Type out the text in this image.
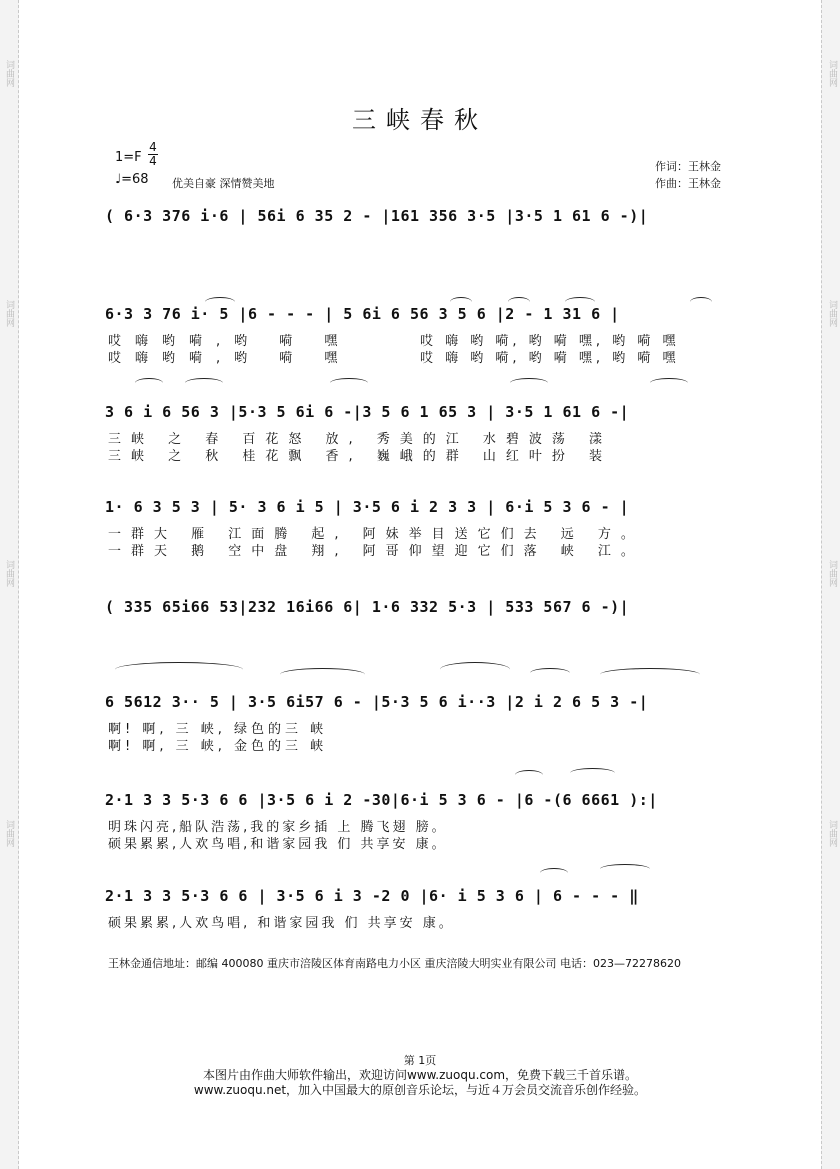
词曲网
词曲网
词曲网
词曲网
词曲网
词曲网
词曲网
词曲网
三峡春秋
1=F
4
4
♩=68 优美自豪 深情赞美地
作词：王林金
作曲：王林金
( 6·3 376 i·6 | 56i 6 35 2 - |161 356 3·5 |3·5 1 61 6 -)|
6·3 3 76 i· 5 |6 - - - | 5 6i 6 56 3 5 6 |2 - 1 31 6 |
哎嗨哟嗬,哟 嗬 嘿
哎嗨哟嗬,哟 嗬 嘿
哎 嗨 哟 嗬, 哟 嗬 嘿, 哟 嗬 嘿
哎 嗨 哟 嗬, 哟 嗬 嘿, 哟 嗬 嘿
3 6 i 6 56 3 |5·3 5 6i 6 -|3 5 6 1 65 3 | 3·5 1 61 6 -|
三峡 之 春 百花怒 放, 秀美的江 水碧波荡 漾
三峡 之 秋 桂花飘 香, 巍峨的群 山红叶扮 装
1· 6 3 5 3 | 5· 3 6 i 5 | 3·5 6 i 2 3 3 | 6·i 5 3 6 - |
一群大 雁 江面腾 起, 阿妹举目送它们去 远 方。
一群天 鹅 空中盘 翔, 阿哥仰望迎它们落 峡 江。
( 335 65i66 53|232 16i66 6| 1·6 332 5·3 | 533 567 6 -)|
6 5612 3·· 5 | 3·5 6i57 6 - |5·3 5 6 i··3 |2 i 2 6 5 3 -|
啊! 啊, 三 峡, 绿色的三 峡
啊! 啊, 三 峡, 金色的三 峡
2·1 3 3 5·3 6 6 |3·5 6 i 2 -30|6·i 5 3 6 - |6 -(6 6661 ):|
明珠闪亮,船队浩荡,我的家乡插 上 腾飞翅 膀。
硕果累累,人欢鸟唱,和谐家园我 们 共享安 康。
2·1 3 3 5·3 6 6 | 3·5 6 i 3 -2 0 |6· i 5 3 6 | 6 - - - ‖
硕果累累,人欢鸟唱, 和谐家园我 们 共享安 康。
王林金通信地址：邮编 400080 重庆市涪陵区体育南路电力小区 重庆涪陵大明实业有限公司 电话：023—72278620
第 1页
本图片由作曲大师软件输出，欢迎访问www.zuoqu.com，免费下载三千首乐谱。
www.zuoqu.net，加入中国最大的原创音乐论坛，与近４万会员交流音乐创作经验。
